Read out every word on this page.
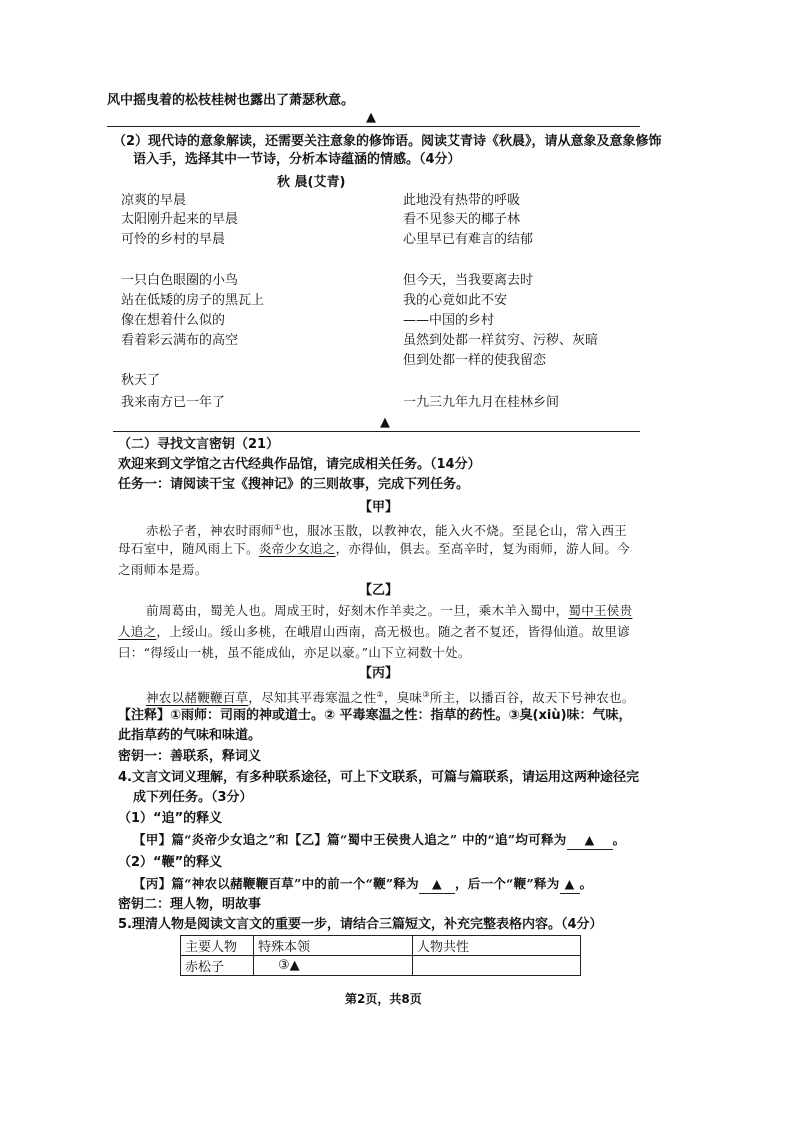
风中摇曳着的松枝桂树也露出了萧瑟秋意。
▲
（2）现代诗的意象解读，还需要关注意象的修饰语。阅读艾青诗《秋晨》，请从意象及意象修饰
语入手，选择其中一节诗，分析本诗蕴涵的情感。（4分）
秋 晨(艾青)
凉爽的早晨
太阳刚升起来的早晨
可怜的乡村的早晨
一只白色眼圈的小鸟
站在低矮的房子的黑瓦上
像在想着什么似的
看着彩云满布的高空
秋天了
我来南方已一年了
此地没有热带的呼吸
看不见参天的椰子林
心里早已有难言的结郁
但今天，当我要离去时
我的心竟如此不安
——中国的乡村
虽然到处都一样贫穷、污秽、灰暗
但到处都一样的使我留恋
一九三九年九月在桂林乡间
▲
（二）寻找文言密钥（21）
欢迎来到文学馆之古代经典作品馆，请完成相关任务。（14分）
任务一：请阅读干宝《搜神记》的三则故事，完成下列任务。
【甲】
赤松子者，神农时雨师①也，服冰玉散，以教神农，能入火不烧。至昆仑山，常入西王
母石室中，随风雨上下。炎帝少女追之，亦得仙，俱去。至高辛时，复为雨师，游人间。今
之雨师本是焉。
【乙】
前周葛由，蜀羌人也。周成王时，好刻木作羊卖之。一旦，乘木羊入蜀中，蜀中王侯贵
人追之，上绥山。绥山多桃，在峨眉山西南，高无极也。随之者不复还，皆得仙道。故里谚
曰：“得绥山一桃，虽不能成仙，亦足以豪。”山下立祠数十处。
【丙】
神农以赭鞭鞭百草，尽知其平毒寒温之性②，臭味③所主，以播百谷，故天下号神农也。
【注释】①雨师：司雨的神或道士。② 平毒寒温之性：指草的药性。③臭(xiù)味：气味，
此指草药的气味和味道。
密钥一：善联系，释词义
4.文言文词义理解，有多种联系途径，可上下文联系，可篇与篇联系，请运用这两种途径完
成下列任务。（3分）
（1）“追”的释义
【甲】篇“炎帝少女追之”和【乙】篇“蜀中王侯贵人追之” 中的“追”均可释为 ▲ 。
（2）“鞭”的释义
【丙】篇“神农以赭鞭鞭百草”中的前一个“鞭”释为 ▲ ，后一个“鞭”释为 ▲ 。
密钥二：理人物，明故事
5.理清人物是阅读文言文的重要一步，请结合三篇短文，补充完整表格内容。（4分）
主要人物	特殊本领	人物共性
赤松子	③▲	
第2页，共8页
